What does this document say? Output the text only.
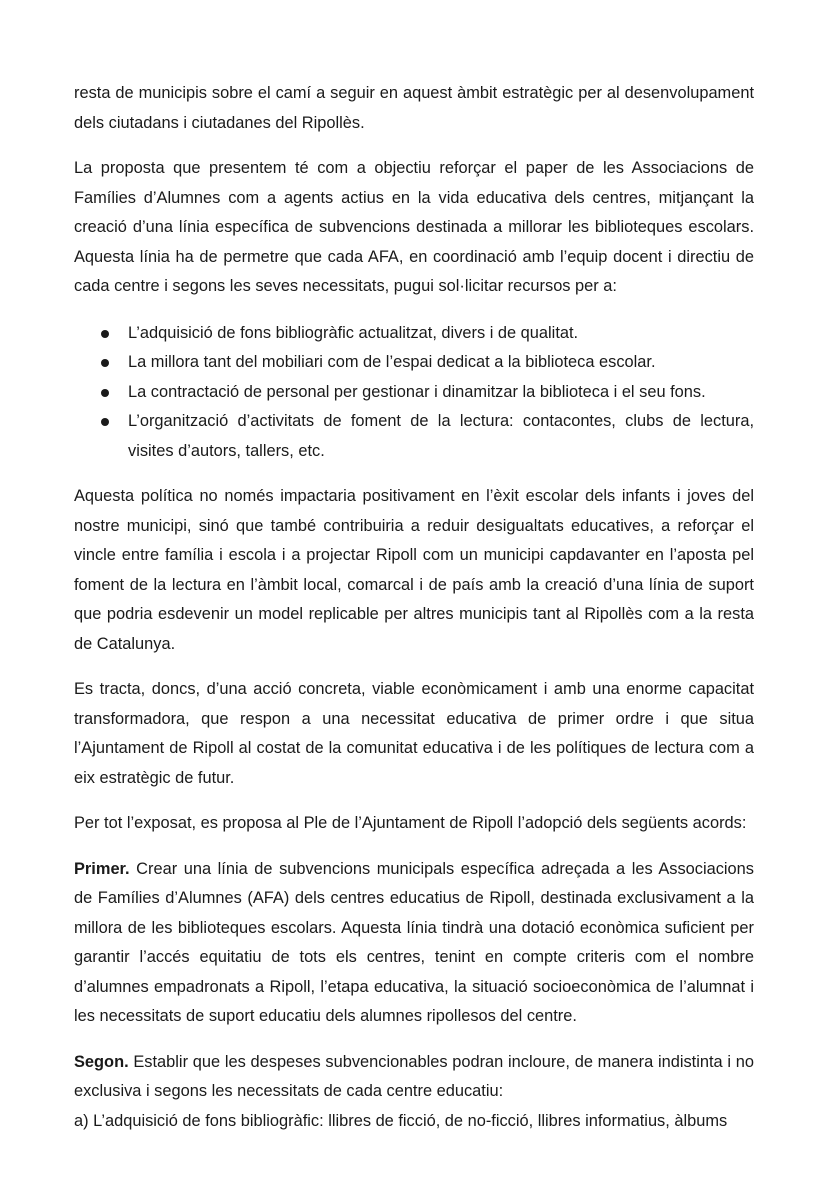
resta de municipis sobre el camí a seguir en aquest àmbit estratègic per al desenvolupament dels ciutadans i ciutadanes del Ripollès.

La proposta que presentem té com a objectiu reforçar el paper de les Associacions de Famílies d’Alumnes com a agents actius en la vida educativa dels centres, mitjançant la creació d’una línia específica de subvencions destinada a millorar les biblioteques escolars. Aquesta línia ha de permetre que cada AFA, en coordinació amb l’equip docent i directiu de cada centre i segons les seves necessitats, pugui sol·licitar recursos per a:

L’adquisició de fons bibliogràfic actualitzat, divers i de qualitat.
La millora tant del mobiliari com de l’espai dedicat a la biblioteca escolar.
La contractació de personal per gestionar i dinamitzar la biblioteca i el seu fons.
L’organització d’activitats de foment de la lectura: contacontes, clubs de lectura, visites d’autors, tallers, etc.

Aquesta política no només impactaria positivament en l’èxit escolar dels infants i joves del nostre municipi, sinó que també contribuiria a reduir desigualtats educatives, a reforçar el vincle entre família i escola i a projectar Ripoll com un municipi capdavanter en l’aposta pel foment de la lectura en l’àmbit local, comarcal i de país amb la creació d’una línia de suport que podria esdevenir un model replicable per altres municipis tant al Ripollès com a la resta de Catalunya.

Es tracta, doncs, d’una acció concreta, viable econòmicament i amb una enorme capacitat transformadora, que respon a una necessitat educativa de primer ordre i que situa l’Ajuntament de Ripoll al costat de la comunitat educativa i de les polítiques de lectura com a eix estratègic de futur.

Per tot l’exposat, es proposa al Ple de l’Ajuntament de Ripoll l’adopció dels següents acords:

Primer. Crear una línia de subvencions municipals específica adreçada a les Associacions de Famílies d’Alumnes (AFA) dels centres educatius de Ripoll, destinada exclusivament a la millora de les biblioteques escolars. Aquesta línia tindrà una dotació econòmica suficient per garantir l’accés equitatiu de tots els centres, tenint en compte criteris com el nombre d’alumnes empadronats a Ripoll, l’etapa educativa, la situació socioeconòmica de l’alumnat i les necessitats de suport educatiu dels alumnes ripollesos del centre.

Segon. Establir que les despeses subvencionables podran incloure, de manera indistinta i no exclusiva i segons les necessitats de cada centre educatiu:

a) L’adquisició de fons bibliogràfic: llibres de ficció, de no-ficció, llibres informatius, àlbums
